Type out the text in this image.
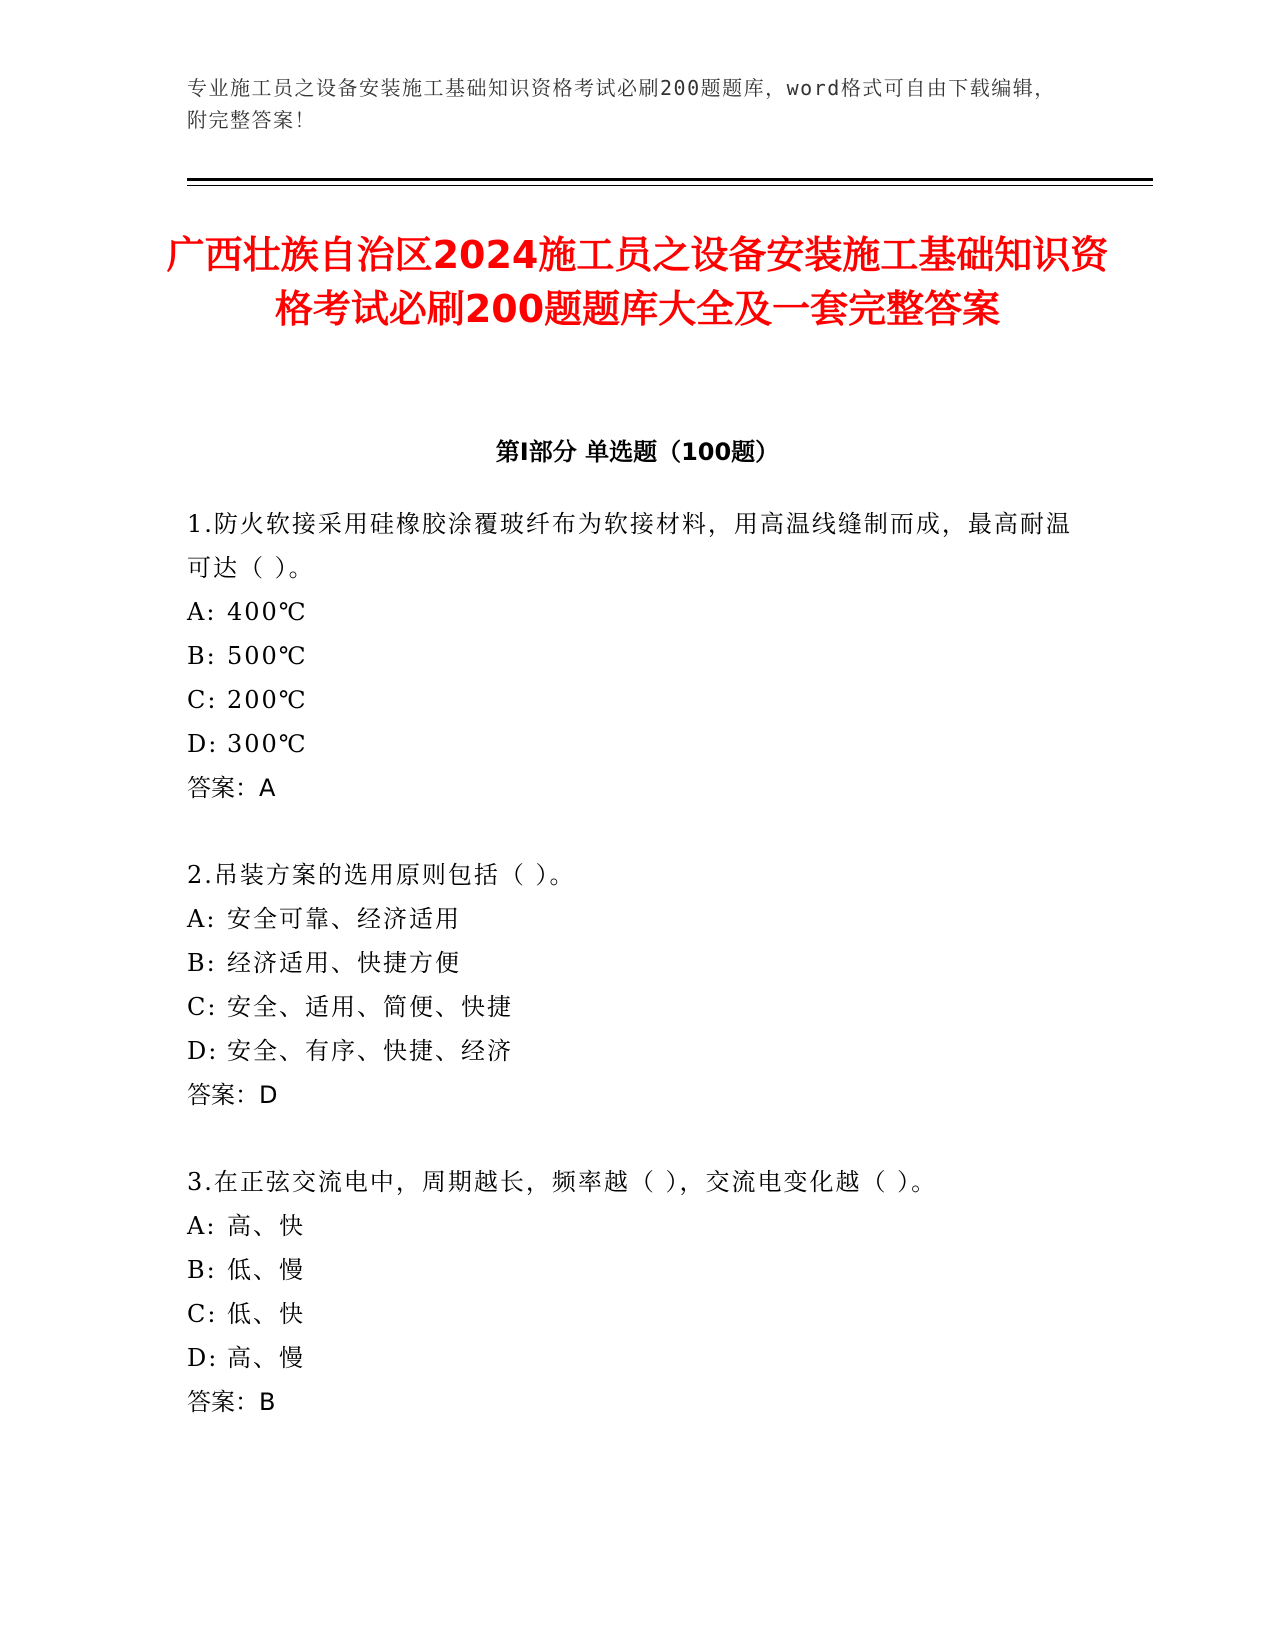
专业施工员之设备安装施工基础知识资格考试必刷200题题库，word格式可自由下载编辑，附完整答案！
广西壮族自治区2024施工员之设备安装施工基础知识资格考试必刷200题题库大全及一套完整答案
第Ⅰ部分 单选题（100题）
1.防火软接采用硅橡胶涂覆玻纤布为软接材料，用高温线缝制而成，最高耐温可达（ ）。
A: 400℃
B: 500℃
C: 200℃
D: 300℃
答案：A
2.吊装方案的选用原则包括（ ）。
A: 安全可靠、经济适用
B: 经济适用、快捷方便
C: 安全、适用、简便、快捷
D: 安全、有序、快捷、经济
答案：D
3.在正弦交流电中，周期越长，频率越（ ），交流电变化越（ ）。
A: 高、快
B: 低、慢
C: 低、快
D: 高、慢
答案：B
